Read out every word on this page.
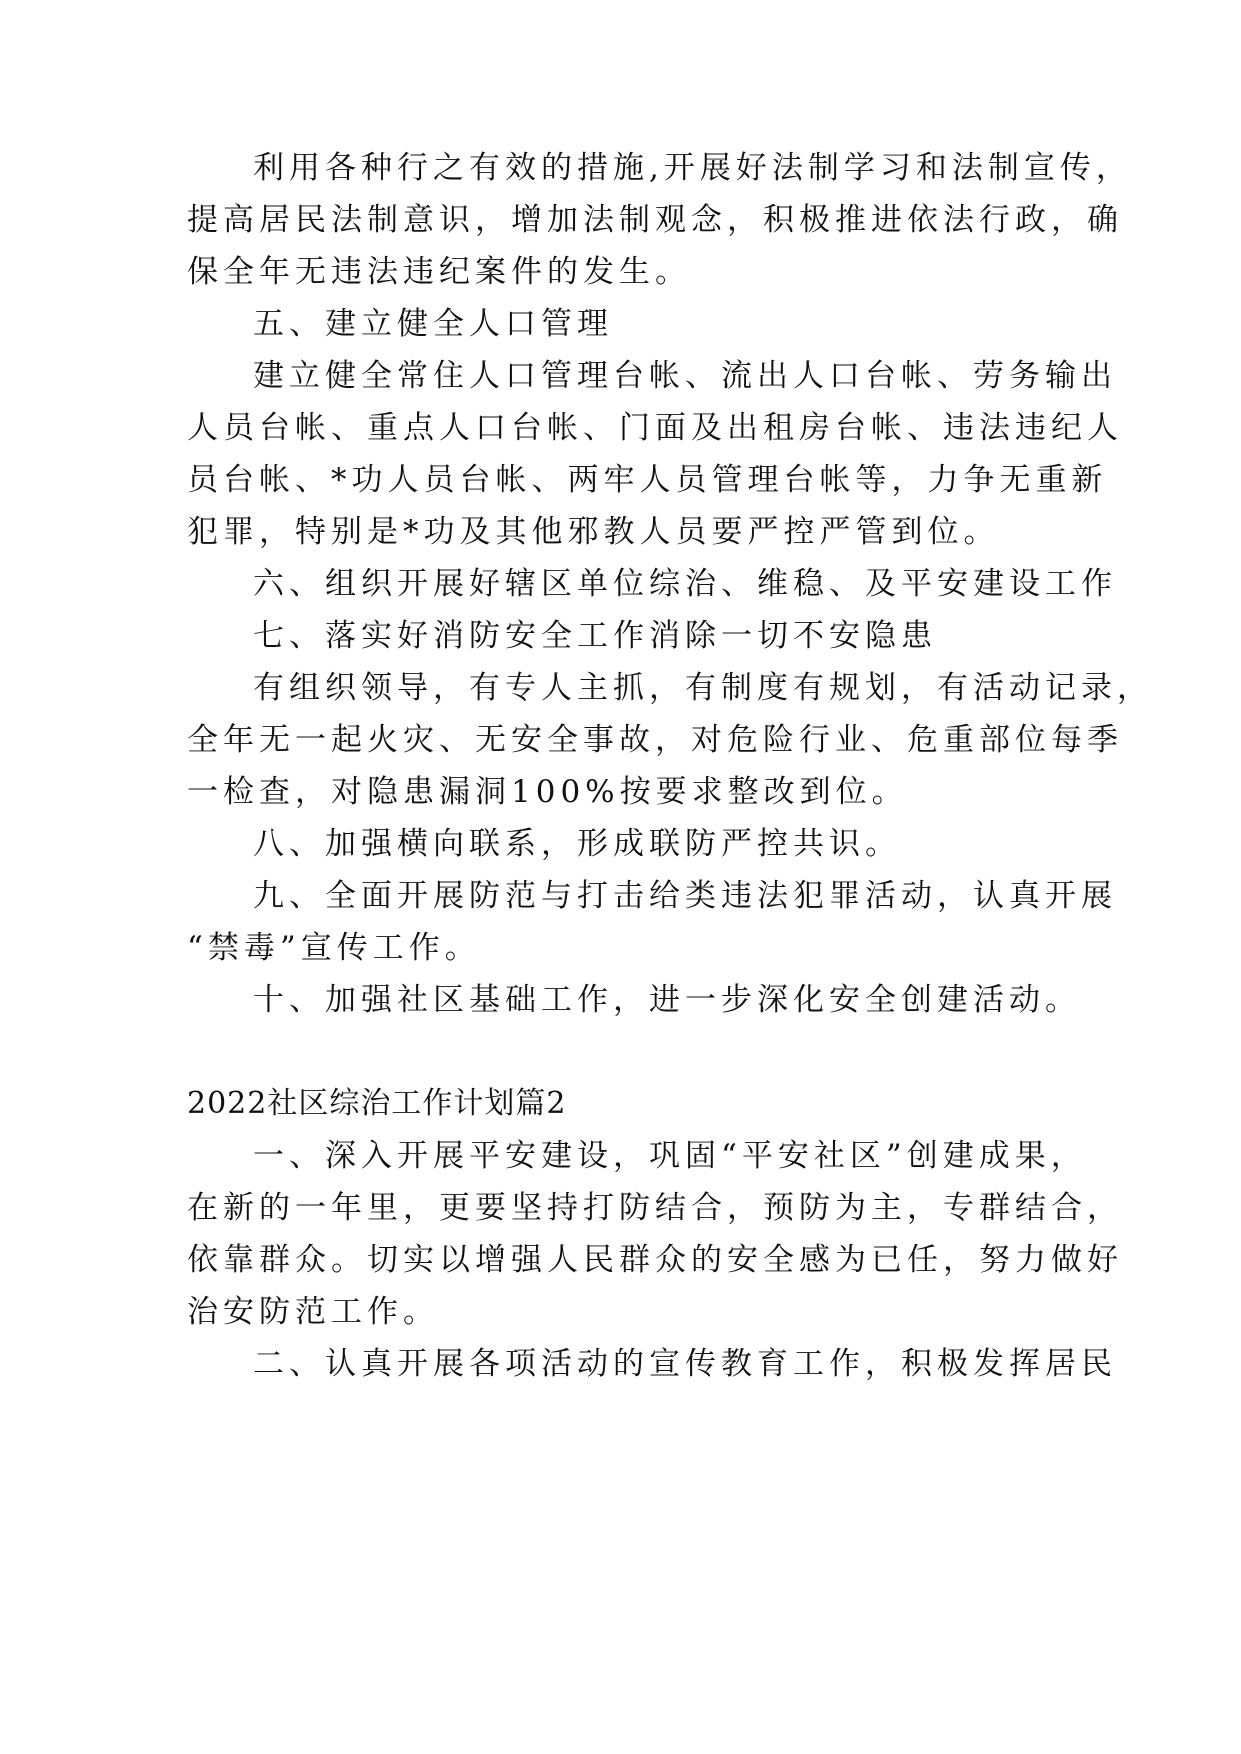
利用各种行之有效的措施,开展好法制学习和法制宣传，
提高居民法制意识，增加法制观念，积极推进依法行政，确
保全年无违法违纪案件的发生。
五、建立健全人口管理
建立健全常住人口管理台帐、流出人口台帐、劳务输出
人员台帐、重点人口台帐、门面及出租房台帐、违法违纪人
员台帐、*功人员台帐、两牢人员管理台帐等，力争无重新
犯罪，特别是*功及其他邪教人员要严控严管到位。
六、组织开展好辖区单位综治、维稳、及平安建设工作
七、落实好消防安全工作消除一切不安隐患
有组织领导，有专人主抓，有制度有规划，有活动记录，
全年无一起火灾、无安全事故，对危险行业、危重部位每季
一检查，对隐患漏洞100%按要求整改到位。
八、加强横向联系，形成联防严控共识。
九、全面开展防范与打击给类违法犯罪活动，认真开展
“禁毒”宣传工作。
十、加强社区基础工作，进一步深化安全创建活动。
2022社区综治工作计划篇2
一、深入开展平安建设，巩固“平安社区”创建成果，
在新的一年里，更要坚持打防结合，预防为主，专群结合，
依靠群众。切实以增强人民群众的安全感为已任，努力做好
治安防范工作。
二、认真开展各项活动的宣传教育工作，积极发挥居民
